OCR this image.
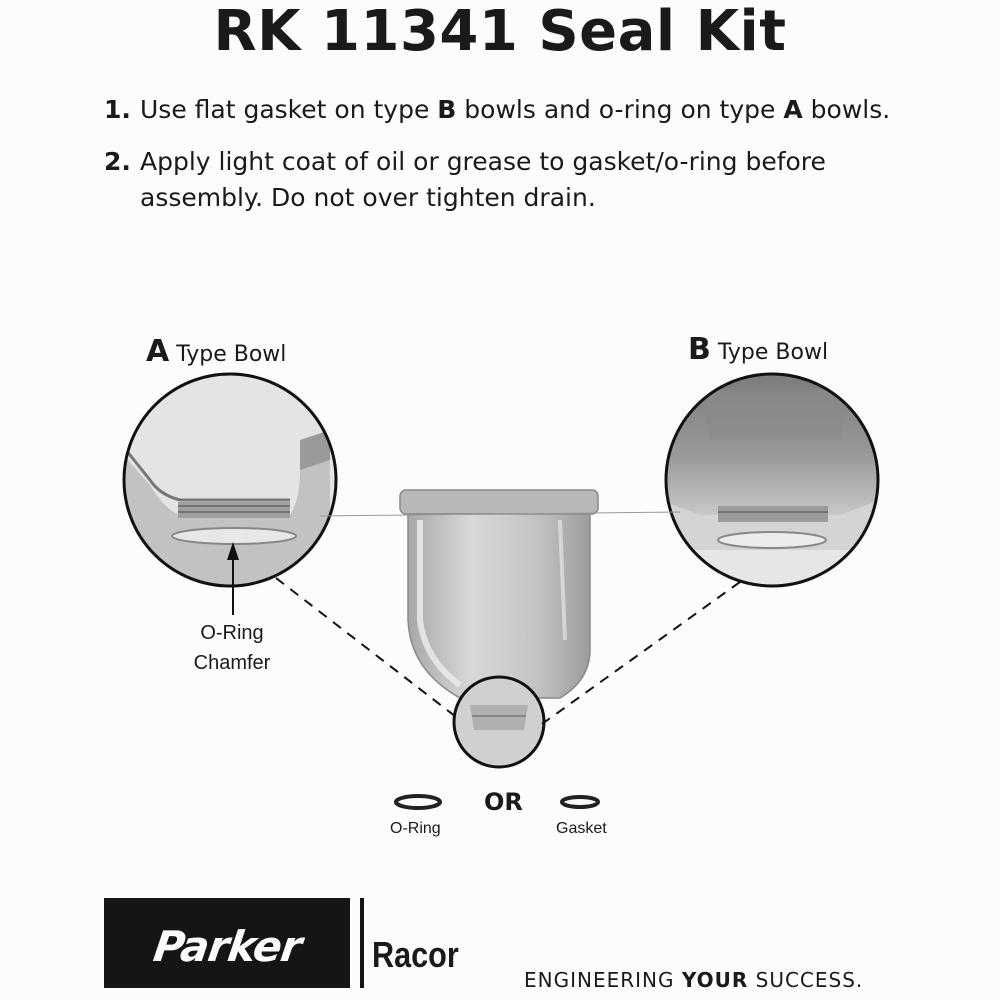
RK 11341 Seal Kit
1. Use flat gasket on type B bowls and o-ring on type A bowls.
2. Apply light coat of oil or grease to gasket/o-ring before assembly. Do not over tighten drain.
A Type Bowl	B Type Bowl
O-Ring
Chamfer
OR
O-Ring	Gasket
Parker Racor
ENGINEERING YOUR SUCCESS.
